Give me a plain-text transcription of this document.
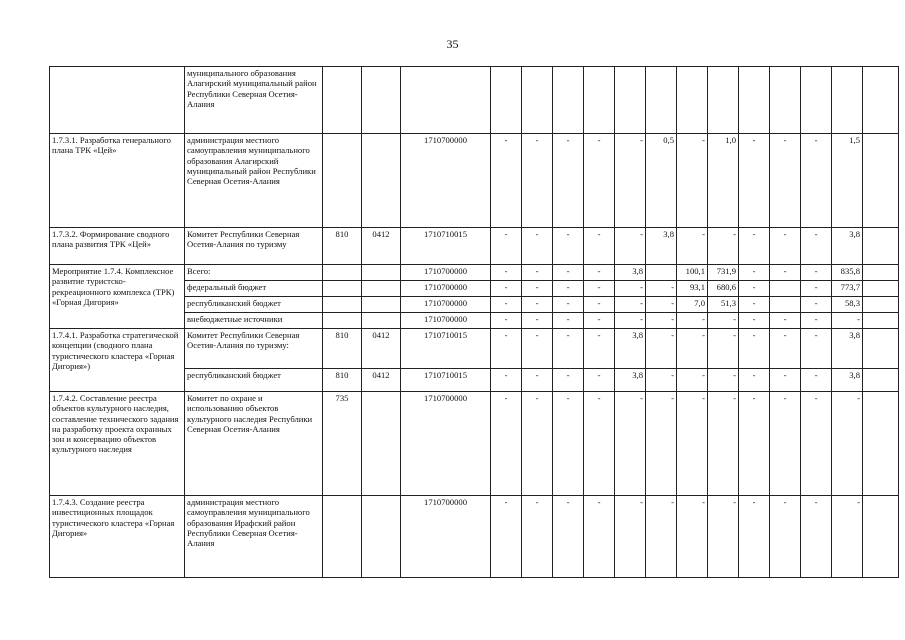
35
	муниципального образования Алагирский муниципальный район Республики Северная Осетия-Алания																
1.7.3.1. Разработка генерального плана ТРК «Цей»	администрация местного самоуправления муниципального образования Алагирский муниципальный район Республики Северная Осетия-Алания			1710700000	-	-	-	-	-	0,5	-	1,0	-	-	-	1,5	
1.7.3.2. Формирование сводного плана развития ТРК «Цей»	Комитет Республики Северная Осетия-Алания по туризму	810	0412	1710710015	-	-	-	-	-	3,8	-	-	-	-	-	3,8	
Мероприятие 1.7.4. Комплексное развитие туристско-рекреационного комплекса (ТРК) «Горная Дигория»	Всего:			1710700000	-	-	-	-	3,8		100,1	731,9	-	-	-	835,8	
	федеральный бюджет			1710700000	-	-	-	-	-	-	93,1	680,6	-		-	773,7	
	республиканский бюджет			1710700000	-	-	-	-	-	-	7,0	51,3	-		-	58,3	
	внебюджетные источники			1710700000	-	-	-	-	-	-	-	-	-	-	-	-	
1.7.4.1. Разработка стратегической концепции (сводного плана туристического кластера «Горная Дигория»)	Комитет Республики Северная Осетия-Алания по туризму:	810	0412	1710710015	-	-	-	-	3,8	-	-	-	-	-	-	3,8	
	республиканский бюджет	810	0412	1710710015	-	-	-	-	3,8	-	-	-	-	-	-	3,8	
1.7.4.2. Составление реестра объектов культурного наследия, составление технического задания на разработку проекта охранных зон и консервацию объектов культурного наследия	Комитет по охране и использованию объектов культурного наследия Республики Северная Осетия-Алания	735		1710700000	-	-	-	-	-	-	-	-	-	-	-	-	
1.7.4.3. Создание реестра инвестиционных площадок туристического кластера «Горная Дигория»	администрация местного самоуправления муниципального образования Ирафский район Республики Северная Осетия-Алания			1710700000	-	-	-	-	-	-	-	-	-	-	-	-	
